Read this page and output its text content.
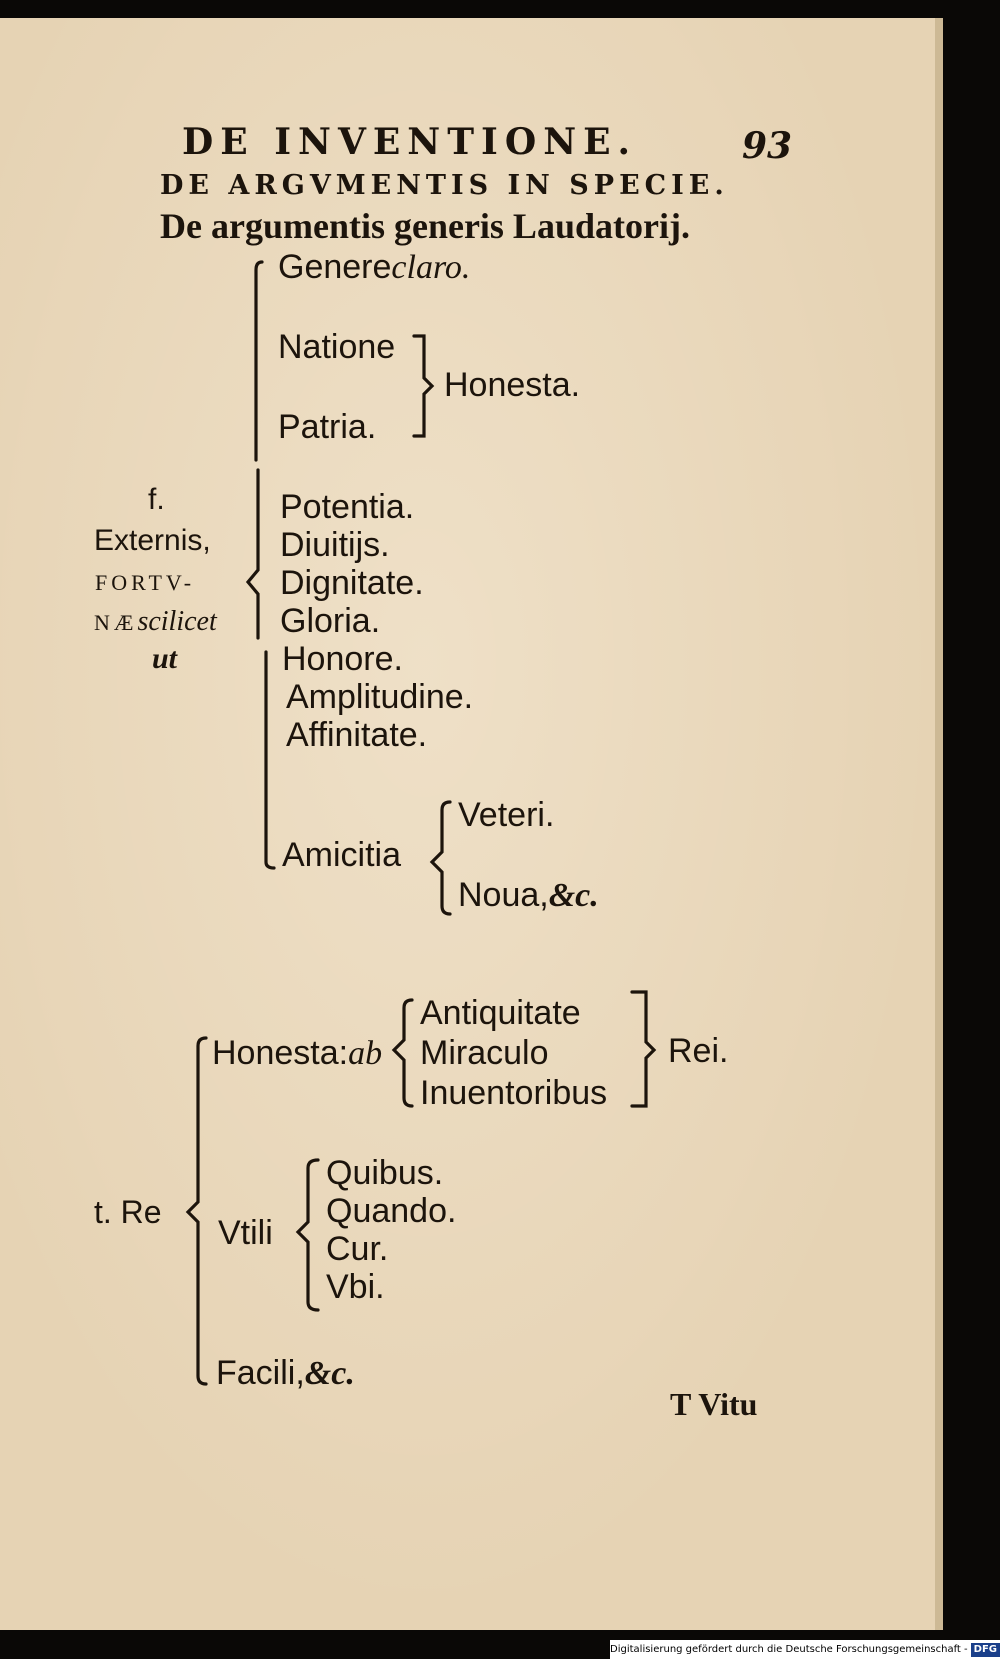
DE INVENTIONE.	93
DE ARGVMENTIS IN SPECIE.
De argumentis generis Laudatorij.
Genereclaro.
Natione
Honesta.
Patria.
f.
Externis,
FORTV-
NÆscilicet
ut
Potentia.
Diuitijs.
Dignitate.
Gloria.
Honore.
Amplitudine.
Affinitate.
Amicitia
Veteri.
Noua,&c.
Honesta:ab
Antiquitate
Miraculo
Inuentoribus
Rei.
t. Re
Vtili
Quibus.
Quando.
Cur.
Vbi.
Facili,&c.
T Vitu
Digitalisierung gefördert durch die Deutsche Forschungsgemeinschaft - DFG
